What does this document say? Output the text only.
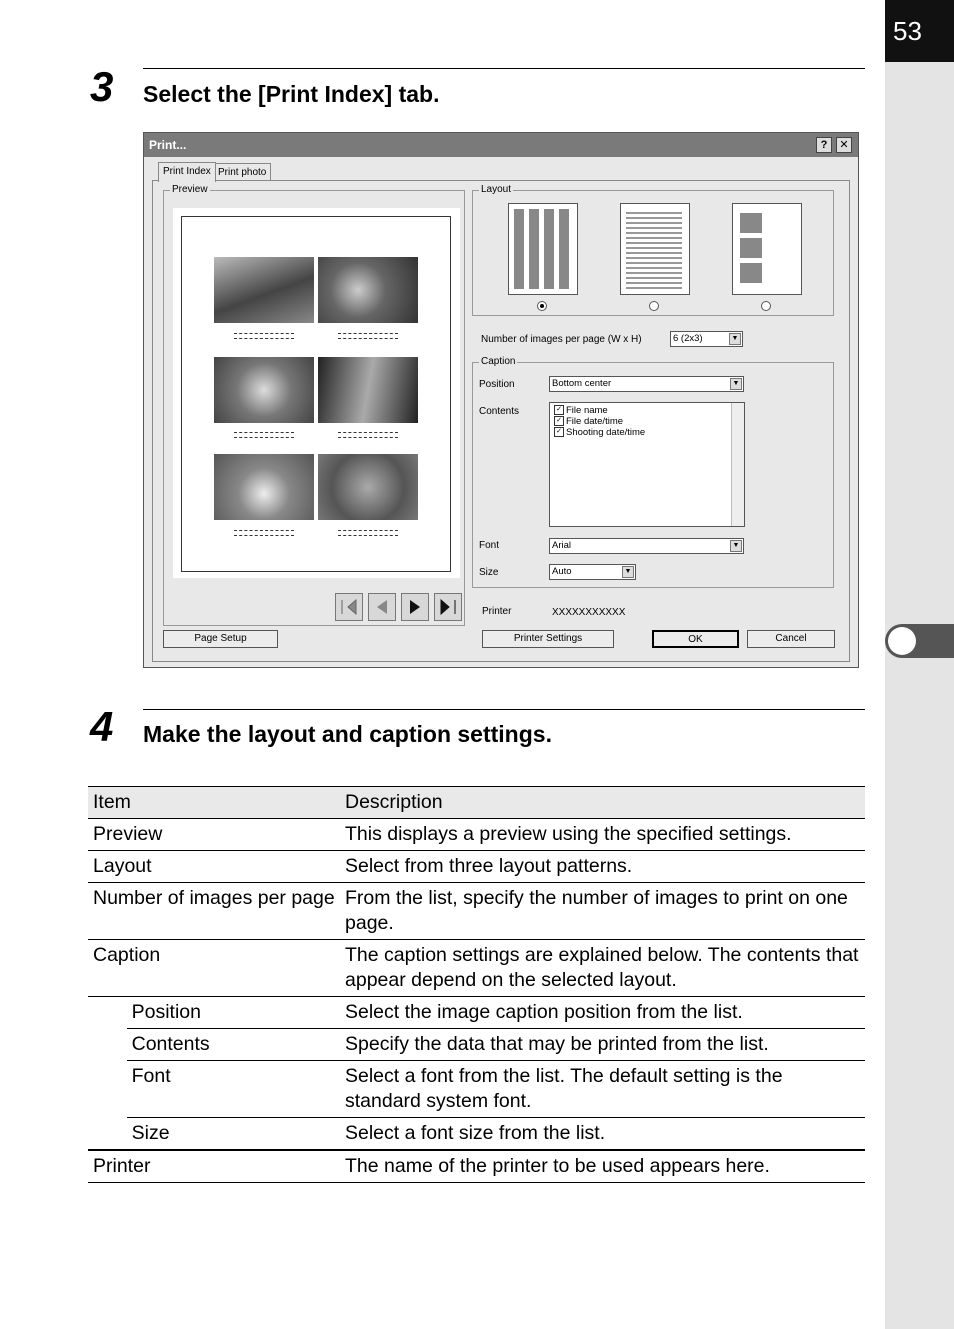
53
3 Select the [Print Index] tab.
Print...	?	✕
Print Index Print photo
Preview	Layout
Number of images per page (W x H)	6 (2x3)	▼
Caption
Position	Bottom center	▼
Contents	✓ File name
✓ File date/time
✓ Shooting date/time
Font	Arial	▼
Size	Auto	▼
Printer	XXXXXXXXXXX
Page Setup	Printer Settings	OK	Cancel
4 Make the layout and caption settings.
Item		Description
Preview		This displays a preview using the specified settings.
Layout		Select from three layout patterns.
Number of images per page		From the list, specify the number of images to print on one page.
Caption		The caption settings are explained below. The contents that appear depend on the selected layout.
	Position	Select the image caption position from the list.
	Contents	Specify the data that may be printed from the list.
	Font	Select a font from the list. The default setting is the standard system font.
	Size	Select a font size from the list.
Printer		The name of the printer to be used appears here.
